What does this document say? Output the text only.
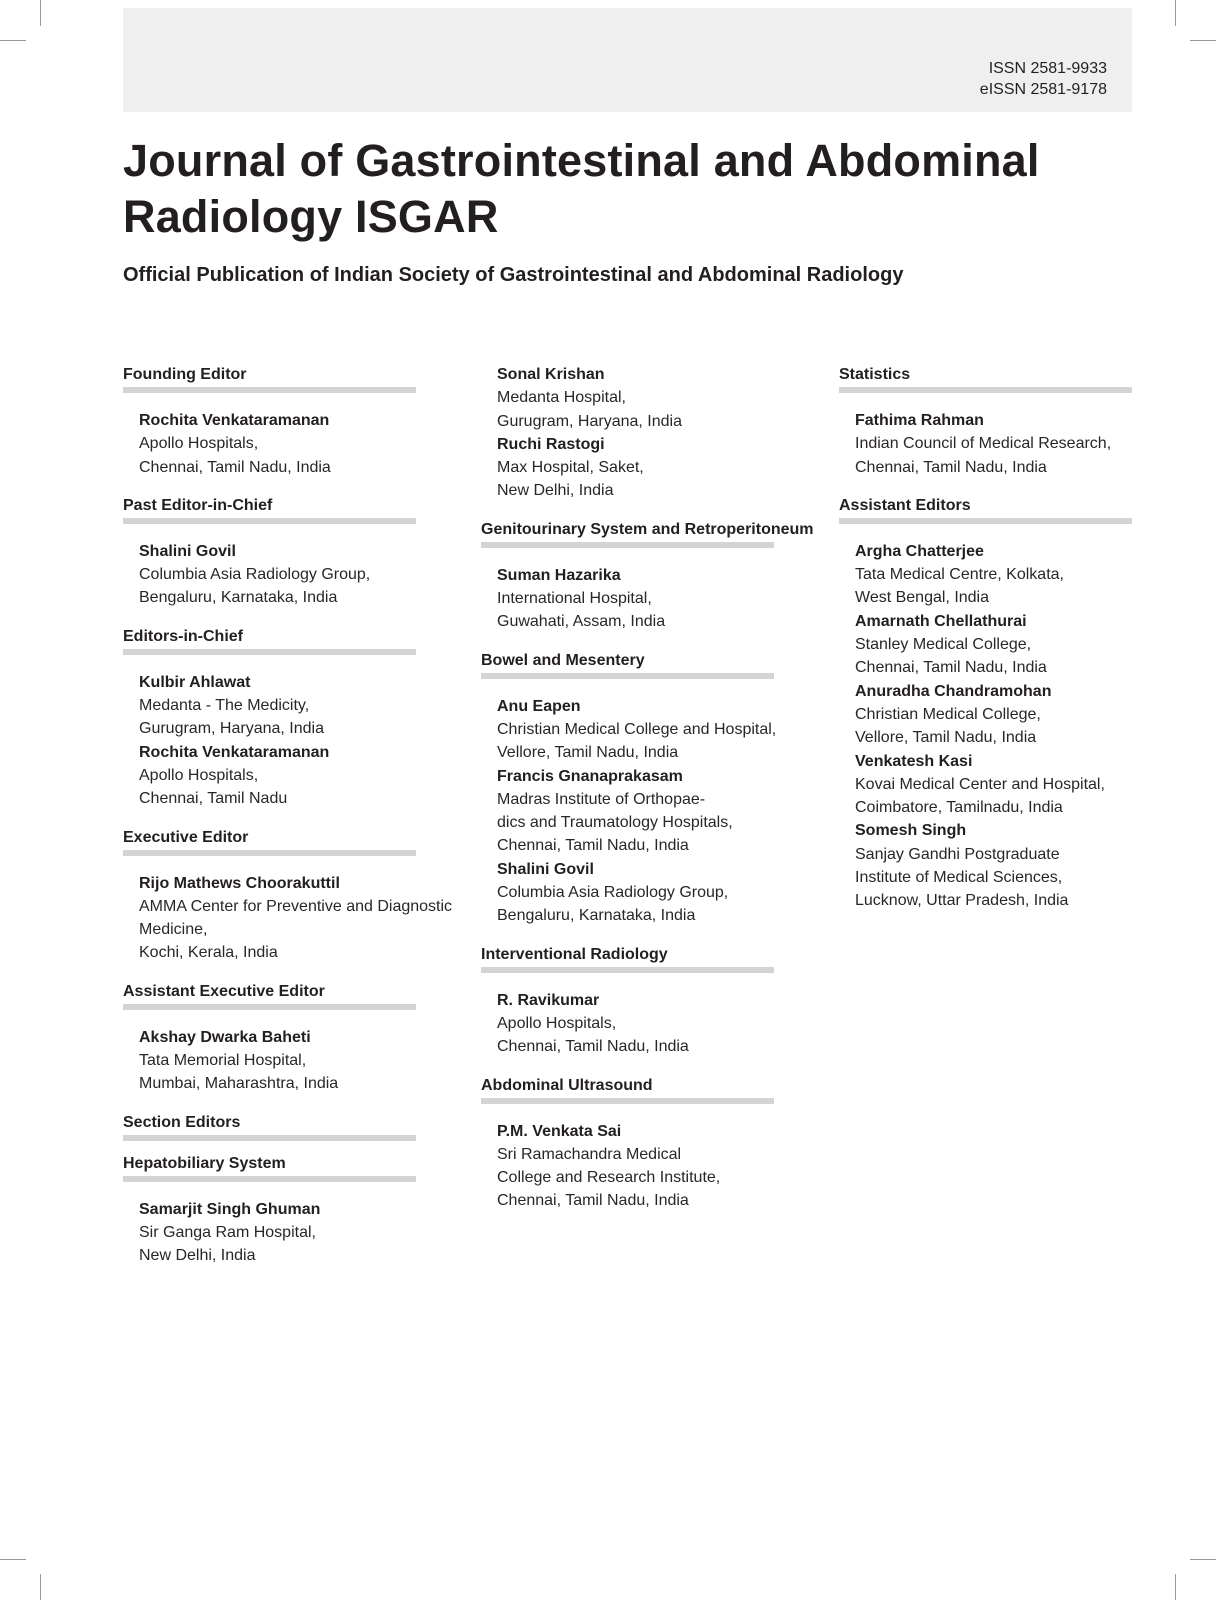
ISSN 2581-9933
eISSN 2581-9178
Journal of Gastrointestinal and Abdominal
Radiology ISGAR
Official Publication of Indian Society of Gastrointestinal and Abdominal Radiology
Founding Editor
Rochita Venkataramanan
Apollo Hospitals,
Chennai, Tamil Nadu, India
Past Editor-in-Chief
Shalini Govil
Columbia Asia Radiology Group,
Bengaluru, Karnataka, India
Editors-in-Chief
Kulbir Ahlawat
Medanta - The Medicity,
Gurugram, Haryana, India
Rochita Venkataramanan
Apollo Hospitals,
Chennai, Tamil Nadu
Executive Editor
Rijo Mathews Choorakuttil
AMMA Center for Preventive and Diagnostic
Medicine,
Kochi, Kerala, India
Assistant Executive Editor
Akshay Dwarka Baheti
Tata Memorial Hospital,
Mumbai, Maharashtra, India
Section Editors
Hepatobiliary System
Samarjit Singh Ghuman
Sir Ganga Ram Hospital,
New Delhi, India
Sonal Krishan
Medanta Hospital,
Gurugram, Haryana, India
Ruchi Rastogi
Max Hospital, Saket,
New Delhi, India
Genitourinary System and Retroperitoneum
Suman Hazarika
International Hospital,
Guwahati, Assam, India
Bowel and Mesentery
Anu Eapen
Christian Medical College and Hospital,
Vellore, Tamil Nadu, India
Francis Gnanaprakasam
Madras Institute of Orthopae-
dics and Traumatology Hospitals,
Chennai, Tamil Nadu, India
Shalini Govil
Columbia Asia Radiology Group,
Bengaluru, Karnataka, India
Interventional Radiology
R. Ravikumar
Apollo Hospitals,
Chennai, Tamil Nadu, India
Abdominal Ultrasound
P.M. Venkata Sai
Sri Ramachandra Medical
College and Research Institute,
Chennai, Tamil Nadu, India
Statistics
Fathima Rahman
Indian Council of Medical Research,
Chennai, Tamil Nadu, India
Assistant Editors
Argha Chatterjee
Tata Medical Centre, Kolkata,
West Bengal, India
Amarnath Chellathurai
Stanley Medical College,
Chennai, Tamil Nadu, India
Anuradha Chandramohan
Christian Medical College,
Vellore, Tamil Nadu, India
Venkatesh Kasi
Kovai Medical Center and Hospital,
Coimbatore, Tamilnadu, India
Somesh Singh
Sanjay Gandhi Postgraduate
Institute of Medical Sciences,
Lucknow, Uttar Pradesh, India
